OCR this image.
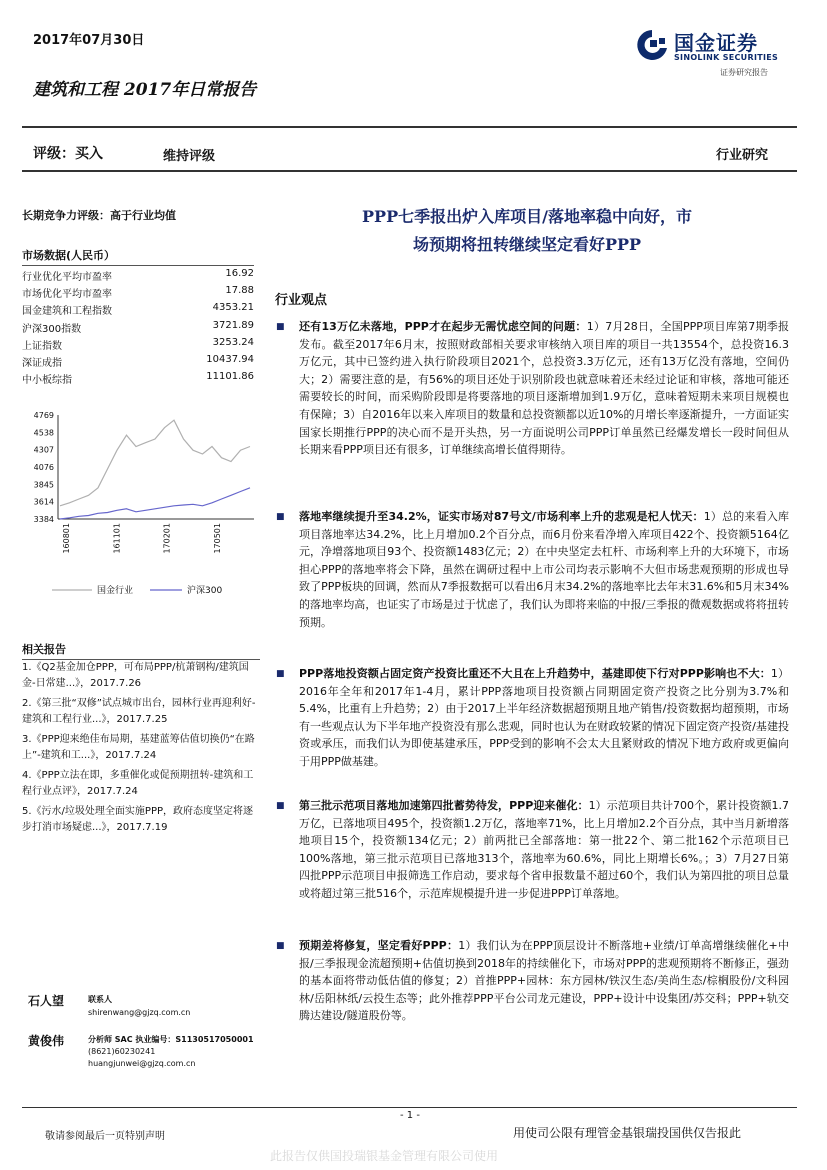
2017年07月30日	国金证券
SINOLINK SECURITIES
证券研究报告
建筑和工程 2017年日常报告
评级：买入	维持评级	行业研究
长期竞争力评级：高于行业均值
市场数据(人民币）
行业优化平均市盈率	16.92
市场优化平均市盈率	17.88
国金建筑和工程指数	4353.21
沪深300指数	3721.89
上证指数	3253.24
深证成指	10437.94
中小板综指	11101.86
4769
4538
4307
4076
3845
3614
3384
160801	161101	170201	170501
国金行业	沪深300
相关报告
1.《Q2基金加仓PPP，可布局PPP/杭萧钢构/建筑国金-日常建...》，2017.7.26
2.《第三批“双修”试点城市出台，园林行业再迎利好-建筑和工程行业...》，2017.7.25
3.《PPP迎来绝佳布局期，基建蓝筹估值切换仍“在路上”-建筑和工...》，2017.7.24
4.《PPP立法在即，多重催化或促预期扭转-建筑和工程行业点评》，2017.7.24
5.《污水/垃圾处理全面实施PPP，政府态度坚定将逐步打消市场疑虑...》，2017.7.19
石人望	联系人
shirenwang@gjzq.com.cn
黄俊伟	分析师 SAC 执业编号：S1130517050001
(8621)60230241
huangjunwei@gjzq.com.cn
PPP七季报出炉入库项目/落地率稳中向好，市
场预期将扭转继续坚定看好PPP
行业观点
■ 还有13万亿未落地，PPP才在起步无需忧虑空间的问题：1）7月28日，全国PPP项目库第7期季报发布。截至2017年6月末，按照财政部相关要求审核纳入项目库的项目一共13554个，总投资16.3万亿元，其中已签约进入执行阶段项目2021个，总投资3.3万亿元，还有13万亿没有落地，空间仍大；2）需要注意的是，有56%的项目还处于识别阶段也就意味着还未经过论证和审核，落地可能还需要较长的时间，而采购阶段即是将要落地的项目逐渐增加到1.9万亿，意味着短期未来项目规模也有保障；3）自2016年以来入库项目的数量和总投资额都以近10%的月增长率逐渐提升，一方面证实国家长期推行PPP的决心而不是开头热，另一方面说明公司PPP订单虽然已经爆发增长一段时间但从长期来看PPP项目还有很多，订单继续高增长值得期待。
■ 落地率继续提升至34.2%，证实市场对87号文/市场利率上升的悲观是杞人忧天：1）总的来看入库项目落地率达34.2%，比上月增加0.2个百分点，而6月份来看净增入库项目422个、投资额5164亿元，净增落地项目93个、投资额1483亿元；2）在中央坚定去杠杆、市场利率上升的大环境下，市场担心PPP的落地率将会下降，虽然在调研过程中上市公司均表示影响不大但市场悲观预期的形成也导致了PPP板块的回调，然而从7季报数据可以看出6月末34.2%的落地率比去年末31.6%和5月末34%的落地率均高，也证实了市场是过于忧虑了，我们认为即将来临的中报/三季报的微观数据或将将扭转预期。
■ PPP落地投资额占固定资产投资比重还不大且在上升趋势中，基建即使下行对PPP影响也不大：1）2016年全年和2017年1-4月，累计PPP落地项目投资额占同期固定资产投资之比分别为3.7%和5.4%，比重有上升趋势；2）由于2017上半年经济数据超预期且地产销售/投资数据均超预期，市场有一些观点认为下半年地产投资没有那么悲观，同时也认为在财政较紧的情况下固定资产投资/基建投资或承压，而我们认为即使基建承压，PPP受到的影响不会太大且紧财政的情况下地方政府或更偏向于用PPP做基建。
■ 第三批示范项目落地加速第四批蓄势待发，PPP迎来催化：1）示范项目共计700个，累计投资额1.7万亿，已落地项目495个，投资额1.2万亿，落地率71%，比上月增加2.2个百分点，其中当月新增落地项目15个，投资额134亿元；2）前两批已全部落地：第一批22个、第二批162个示范项目已100%落地，第三批示范项目已落地313个，落地率为60.6%，同比上期增长6%。；3）7月27日第四批PPP示范项目申报筛选工作启动，要求每个省申报数量不超过60个，我们认为第四批的项目总量或将超过第三批516个，示范库规模提升进一步促进PPP订单落地。
■ 预期差将修复，坚定看好PPP：1）我们认为在PPP顶层设计不断落地+业绩/订单高增继续催化+中报/三季报现金流超预期+估值切换到2018年的持续催化下，市场对PPP的悲观预期将不断修正，强劲的基本面将带动低估值的修复；2）首推PPP+园林：东方园林/铁汉生态/美尚生态/棕榈股份/文科园林/岳阳林纸/云投生态等；此外推荐PPP平台公司龙元建设，PPP+设计中设集团/苏交科；PPP+轨交腾达建设/隧道股份等。
- 1 -
敬请参阅最后一页特别声明	用使司公限有理管金基银瑞投国供仅告报此
此报告仅供国投瑞银基金管理有限公司使用
